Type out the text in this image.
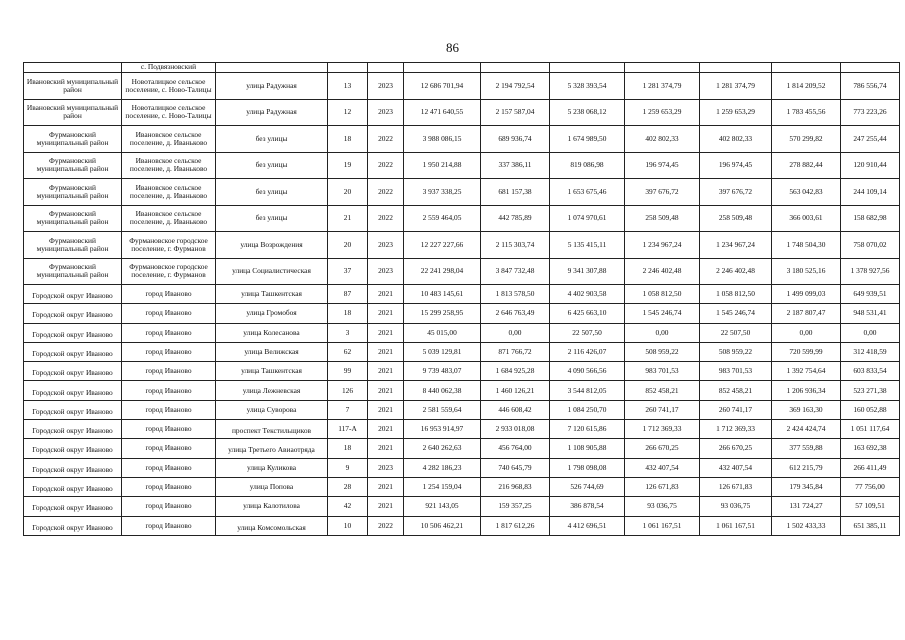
86
	с. Подвязновский										
Ивановский муниципальный район	Новоталицкое сельское поселение, с. Ново-Талицы	улица Радужная	13	2023	12 686 701,94	2 194 792,54	5 328 393,54	1 281 374,79	1 281 374,79	1 814 209,52	786 556,74
Ивановский муниципальный район	Новоталицкое сельское поселение, с. Ново-Талицы	улица Радужная	12	2023	12 471 640,55	2 157 587,04	5 238 068,12	1 259 653,29	1 259 653,29	1 783 455,56	773 223,26
Фурмановский муниципальный район	Ивановское сельское поселение, д. Иваньково	без улицы	18	2022	3 988 086,15	689 936,74	1 674 989,50	402 802,33	402 802,33	570 299,82	247 255,44
Фурмановский муниципальный район	Ивановское сельское поселение, д. Иваньково	без улицы	19	2022	1 950 214,88	337 386,11	819 086,98	196 974,45	196 974,45	278 882,44	120 910,44
Фурмановский муниципальный район	Ивановское сельское поселение, д. Иваньково	без улицы	20	2022	3 937 338,25	681 157,38	1 653 675,46	397 676,72	397 676,72	563 042,83	244 109,14
Фурмановский муниципальный район	Ивановское сельское поселение, д. Иваньково	без улицы	21	2022	2 559 464,05	442 785,89	1 074 970,61	258 509,48	258 509,48	366 003,61	158 682,98
Фурмановский муниципальный район	Фурмановское городское поселение, г. Фурманов	улица Возрождения	20	2023	12 227 227,66	2 115 303,74	5 135 415,11	1 234 967,24	1 234 967,24	1 748 504,30	758 070,02
Фурмановский муниципальный район	Фурмановское городское поселение, г. Фурманов	улица Социалистическая	37	2023	22 241 298,04	3 847 732,48	9 341 307,88	2 246 402,48	2 246 402,48	3 180 525,16	1 378 927,56
Городской округ Иваново	город Иваново	улица Ташкентская	87	2021	10 483 145,61	1 813 578,50	4 402 903,58	1 058 812,50	1 058 812,50	1 499 099,03	649 939,51
Городской округ Иваново	город Иваново	улица Громобоя	18	2021	15 299 258,95	2 646 763,49	6 425 663,10	1 545 246,74	1 545 246,74	2 187 807,47	948 531,41
Городской округ Иваново	город Иваново	улица Колесанова	3	2021	45 015,00	0,00	22 507,50	0,00	22 507,50	0,00	0,00
Городской округ Иваново	город Иваново	улица Велижская	62	2021	5 039 129,81	871 766,72	2 116 426,07	508 959,22	508 959,22	720 599,99	312 418,59
Городской округ Иваново	город Иваново	улица Ташкентская	99	2021	9 739 483,07	1 684 925,28	4 090 566,56	983 701,53	983 701,53	1 392 754,64	603 833,54
Городской округ Иваново	город Иваново	улица Лежневская	126	2021	8 440 062,38	1 460 126,21	3 544 812,05	852 458,21	852 458,21	1 206 936,34	523 271,38
Городской округ Иваново	город Иваново	улица Суворова	7	2021	2 581 559,64	446 608,42	1 084 250,70	260 741,17	260 741,17	369 163,30	160 052,88
Городской округ Иваново	город Иваново	проспект Текстильщиков	117-А	2021	16 953 914,97	2 933 018,08	7 120 615,86	1 712 369,33	1 712 369,33	2 424 424,74	1 051 117,64
Городской округ Иваново	город Иваново	улица Третьего Авиаотряда	18	2021	2 640 262,63	456 764,00	1 108 905,88	266 670,25	266 670,25	377 559,88	163 692,38
Городской округ Иваново	город Иваново	улица Куликова	9	2023	4 282 186,23	740 645,79	1 798 098,08	432 407,54	432 407,54	612 215,79	266 411,49
Городской округ Иваново	город Иваново	улица Попова	28	2021	1 254 159,04	216 968,83	526 744,69	126 671,83	126 671,83	179 345,84	77 756,00
Городской округ Иваново	город Иваново	улица Калотилова	42	2021	921 143,05	159 357,25	386 878,54	93 036,75	93 036,75	131 724,27	57 109,51
Городской округ Иваново	город Иваново	улица Комсомольская	10	2022	10 506 462,21	1 817 612,26	4 412 696,51	1 061 167,51	1 061 167,51	1 502 433,33	651 385,11
